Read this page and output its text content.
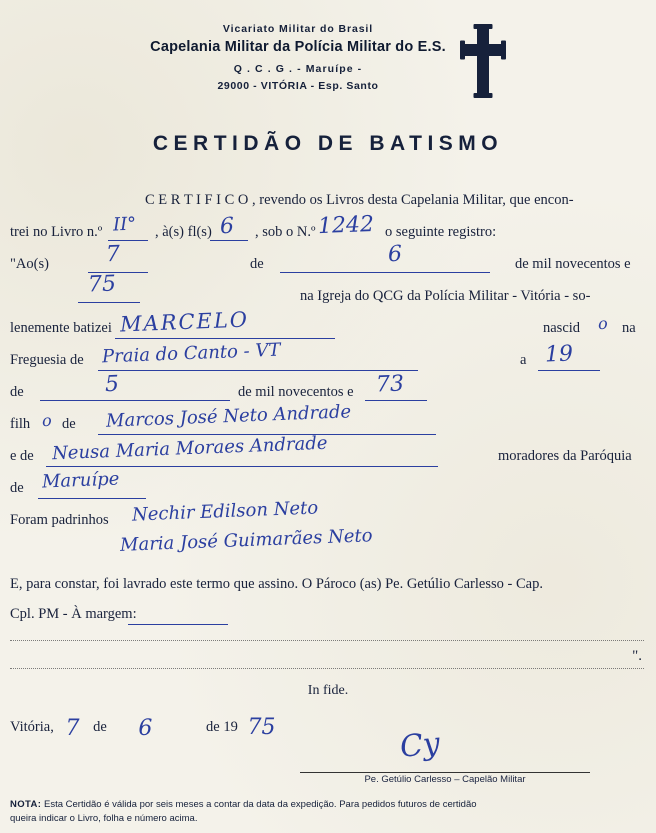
Vicariato Militar do Brasil
Capelania Militar da Polícia Militar do E.S.
Q . C . G . - Maruípe -
29000 - VITÓRIA - Esp. Santo
CERTIDÃO DE BATISMO
C E R T I F I C O , revendo os Livros desta Capelania Militar, que encon-
trei no Livro n.º II° , à(s) fl(s) 6 , sob o N.º 1242 o seguinte registro:
"Ao(s)	7	de	6	de mil novecentos e
75	na Igreja do QCG da Polícia Militar - Vitória - so-
lenemente batizei MARCELO	nascid o na
Freguesia de Praia do Canto - VT	a 19
de	5	de mil novecentos e 73
filh o de Marcos José Neto Andrade
e de Neusa Maria Moraes Andrade	moradores da Paróquia
de Maruípe
Foram padrinhos Nechir Edilson Neto
Maria José Guimarães Neto
E, para constar, foi lavrado este termo que assino. O Pároco (as) Pe. Getúlio Carlesso - Cap.
Cpl. PM - À margem:
".
In fide.
Vitória, 7 de 6	de 19 75	Cy
Pe. Getúlio Carlesso – Capelão Militar
NOTA: Esta Certidão é válida por seis meses a contar da data da expedição. Para pedidos futuros de certidão
queira indicar o Livro, folha e número acima.
